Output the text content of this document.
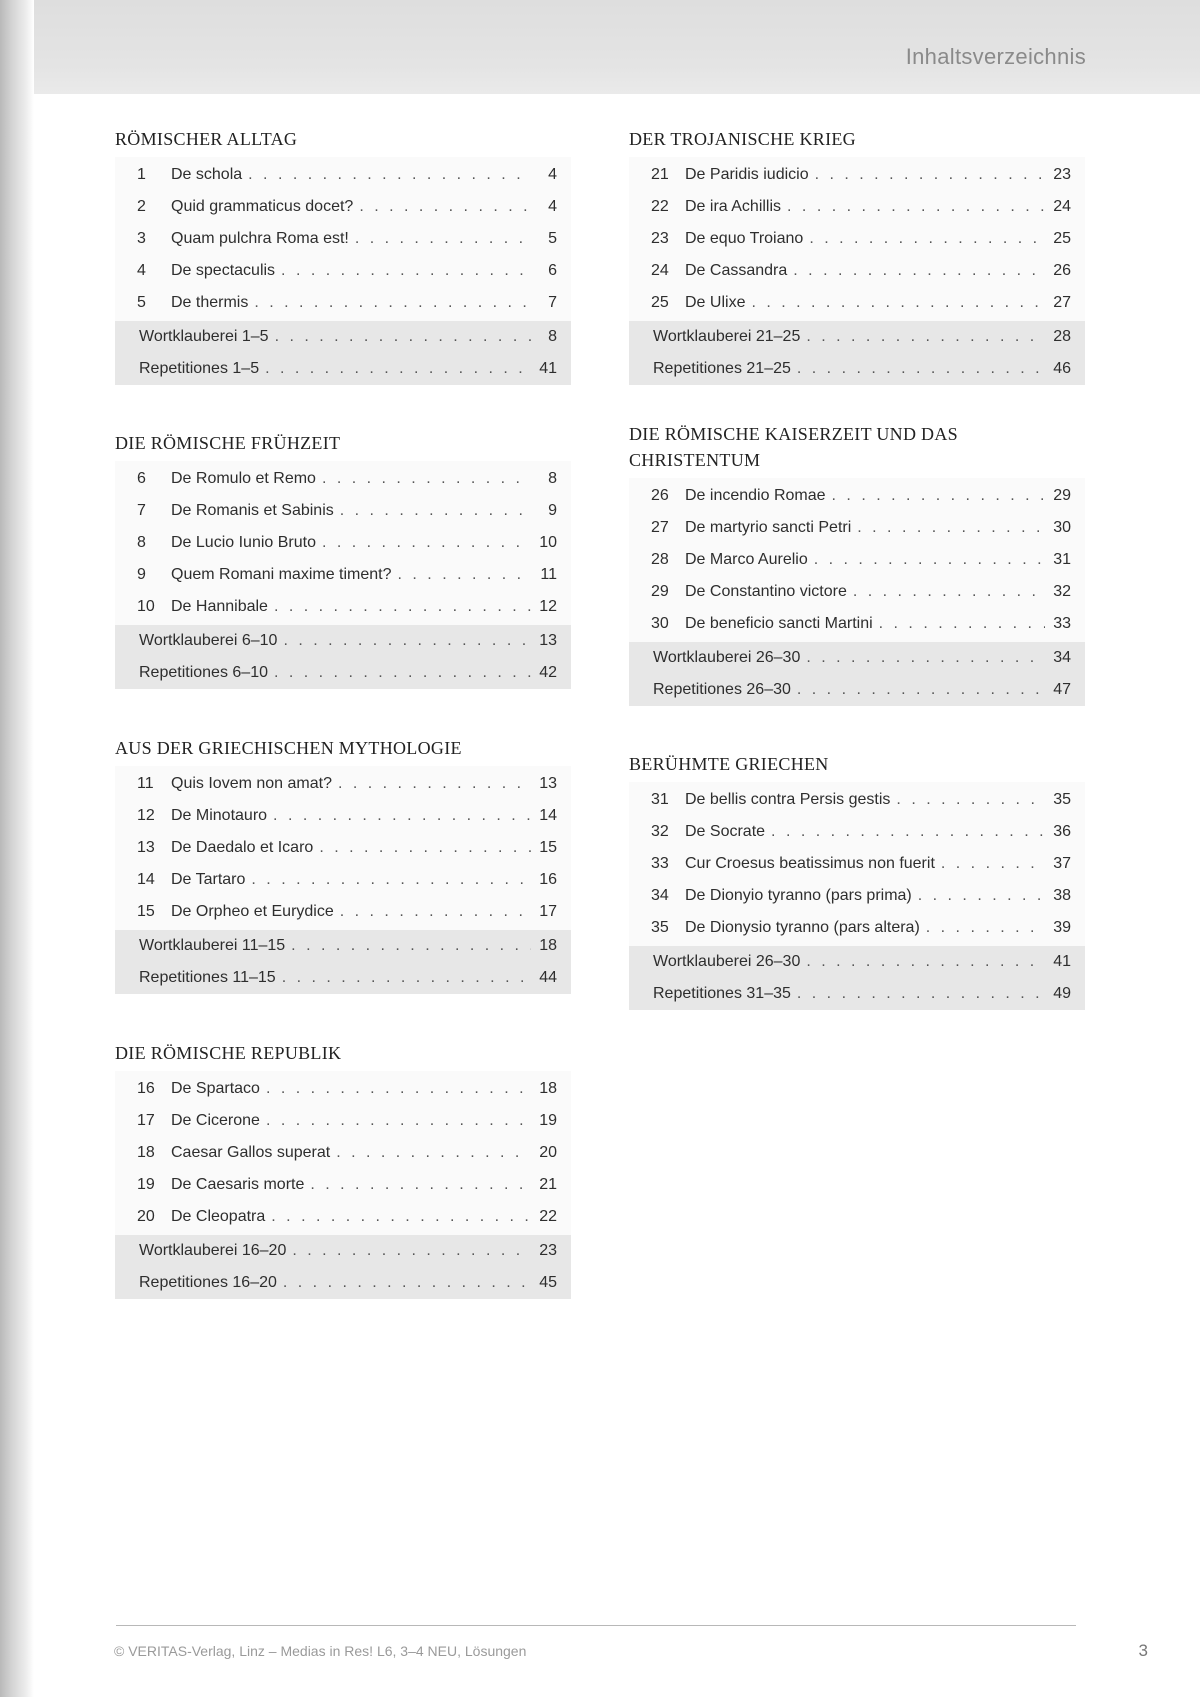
Inhaltsverzeichnis
RÖMISCHER ALLTAG
1	De schola . . .	4
2	Quid grammaticus docet? . . .	4
3	Quam pulchra Roma est! . . .	5
4	De spectaculis . . .	6
5	De thermis . . .	7
Wortklauberei 1–5 . . .	8
Repetitiones 1–5 . . .	41
DIE RÖMISCHE FRÜHZEIT
6	De Romulo et Remo . . .	8
7	De Romanis et Sabinis . . .	9
8	De Lucio Iunio Bruto . . .	10
9	Quem Romani maxime timent? . . .	11
10	De Hannibale . . .	12
Wortklauberei 6–10 . . .	13
Repetitiones 6–10 . . .	42
AUS DER GRIECHISCHEN MYTHOLOGIE
11	Quis Iovem non amat? . . .	13
12	De Minotauro . . .	14
13	De Daedalo et Icaro . . .	15
14	De Tartaro . . .	16
15	De Orpheo et Eurydice . . .	17
Wortklauberei 11–15 . . .	18
Repetitiones 11–15 . . .	44
DIE RÖMISCHE REPUBLIK
16	De Spartaco . . .	18
17	De Cicerone . . .	19
18	Caesar Gallos superat . . .	20
19	De Caesaris morte . . .	21
20	De Cleopatra . . .	22
Wortklauberei 16–20 . . .	23
Repetitiones 16–20 . . .	45
DER TROJANISCHE KRIEG
21	De Paridis iudicio . . .	23
22	De ira Achillis . . .	24
23	De equo Troiano . . .	25
24	De Cassandra . . .	26
25	De Ulixe . . .	27
Wortklauberei 21–25 . . .	28
Repetitiones 21–25 . . .	46
DIE RÖMISCHE KAISERZEIT UND DAS CHRISTENTUM
26	De incendio Romae . . .	29
27	De martyrio sancti Petri . . .	30
28	De Marco Aurelio . . .	31
29	De Constantino victore . . .	32
30	De beneficio sancti Martini . . .	33
Wortklauberei 26–30 . . .	34
Repetitiones 26–30 . . .	47
BERÜHMTE GRIECHEN
31	De bellis contra Persis gestis . . .	35
32	De Socrate . . .	36
33	Cur Croesus beatissimus non fuerit . . .	37
34	De Dionyio tyranno (pars prima) . . .	38
35	De Dionysio tyranno (pars altera) . . .	39
Wortklauberei 26–30 . . .	41
Repetitiones 31–35 . . .	49
© VERITAS-Verlag, Linz – Medias in Res! L6, 3–4 NEU, Lösungen	3
